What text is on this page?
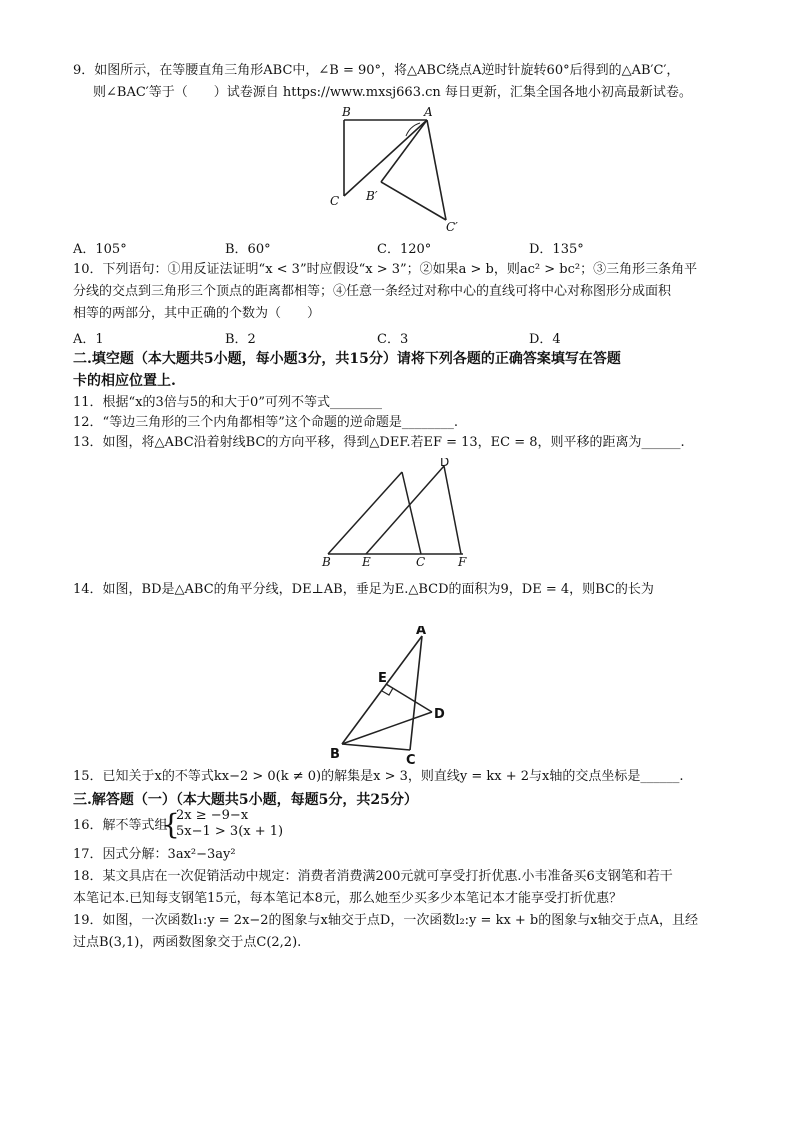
9．如图所示，在等腰直角三角形ABC中，∠B = 90°，将△ABC绕点A逆时针旋转60°后得到的△AB′C′，
则∠BAC′等于（　　）试卷源自 https://www.mxsj663.cn 每日更新，汇集全国各地小初高最新试卷。
B	A
C B′
C′
A．105°	B．60°	C．120°	D．135°
10．下列语句：①用反证法证明“x < 3”时应假设“x > 3”；②如果a > b，则ac² > bc²；③三角形三条角平
分线的交点到三角形三个顶点的距离都相等；④任意一条经过对称中心的直线可将中心对称图形分成面积
相等的两部分，其中正确的个数为（　　）
A．1	B．2	C．3	D．4
二.填空题（本大题共5小题，每小题3分，共15分）请将下列各题的正确答案填写在答题
卡的相应位置上.
11．根据“x的3倍与5的和大于0”可列不等式________
12．“等边三角形的三个内角都相等”这个命题的逆命题是________.
13．如图，将△ABC沿着射线BC的方向平移，得到△DEF.若EF = 13，EC = 8，则平移的距离为______.
D
B	E	C	F
14．如图，BD是△ABC的角平分线，DE⊥AB，垂足为E.△BCD的面积为9，DE = 4，则BC的长为
A
E
D
B	C
15．已知关于x的不等式kx−2 > 0(k ≠ 0)的解集是x > 3，则直线y = kx + 2与x轴的交点坐标是______.
三.解答题（一）（本大题共5小题，每题5分，共25分）
16．解不等式组
{
2x ≥ −9−x
5x−1 > 3(x + 1)
17．因式分解：3ax²−3ay²
18．某文具店在一次促销活动中规定：消费者消费满200元就可享受打折优惠.小韦准备买6支钢笔和若干
本笔记本.已知每支钢笔15元，每本笔记本8元，那么她至少买多少本笔记本才能享受打折优惠？
19．如图，一次函数l₁:y = 2x−2的图象与x轴交于点D，一次函数l₂:y = kx + b的图象与x轴交于点A，且经
过点B(3,1)，两函数图象交于点C(2,2).
